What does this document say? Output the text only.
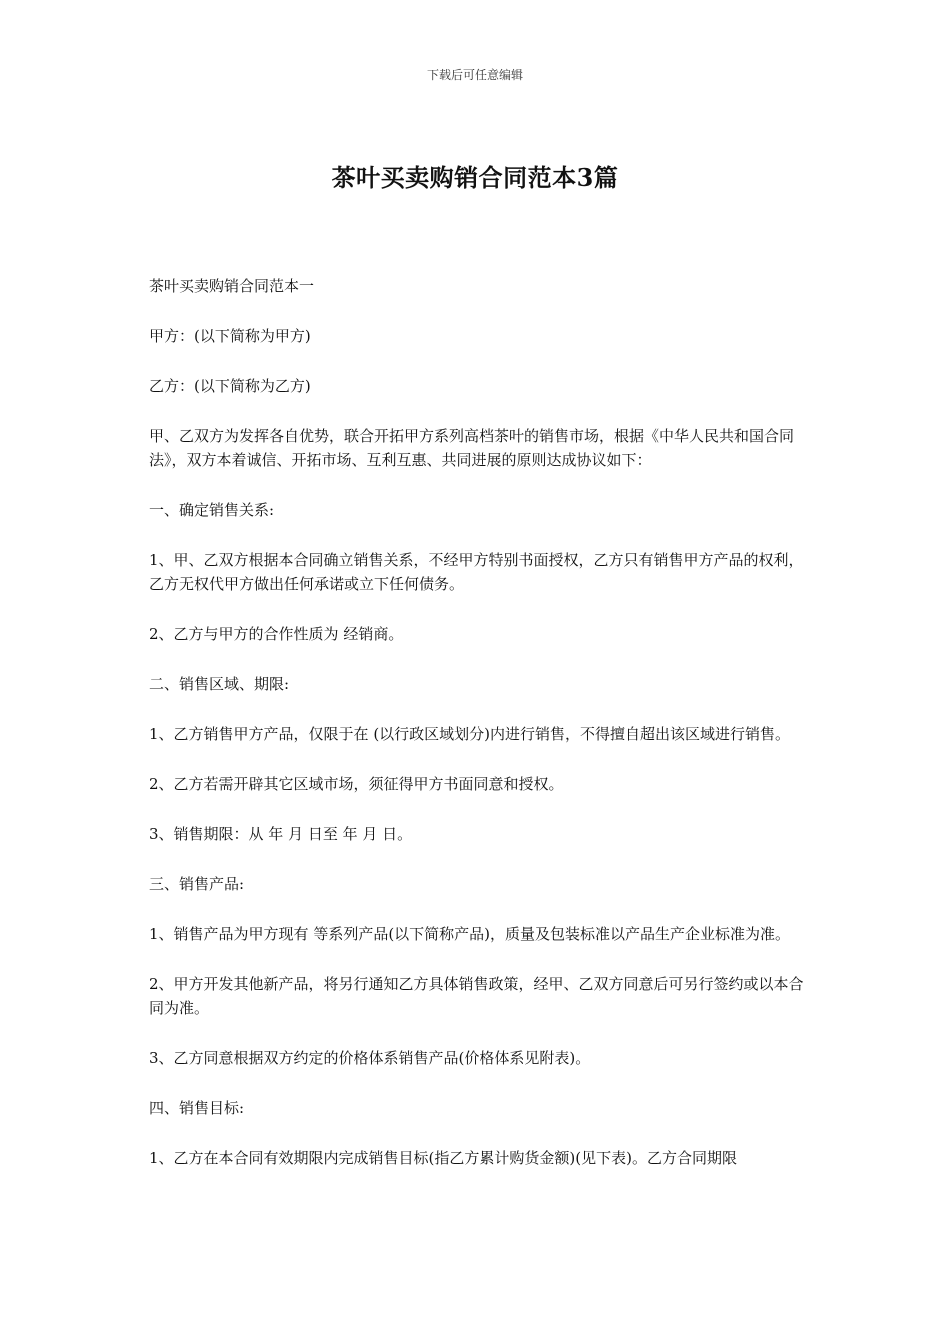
下载后可任意编辑
茶叶买卖购销合同范本3篇

茶叶买卖购销合同范本一

甲方：(以下简称为甲方)

乙方：(以下简称为乙方)

甲、乙双方为发挥各自优势，联合开拓甲方系列高档茶叶的销售市场，根据《中华人民共和国合同法》，双方本着诚信、开拓市场、互利互惠、共同进展的原则达成协议如下：

一、确定销售关系:

1、甲、乙双方根据本合同确立销售关系，不经甲方特别书面授权，乙方只有销售甲方产品的权利，乙方无权代甲方做出任何承诺或立下任何债务。

2、乙方与甲方的合作性质为 经销商。

二、销售区域、期限:

1、乙方销售甲方产品，仅限于在 (以行政区域划分)内进行销售，不得擅自超出该区域进行销售。

2、乙方若需开辟其它区域市场，须征得甲方书面同意和授权。

3、销售期限：从 年 月 日至 年 月 日。

三、销售产品:

1、销售产品为甲方现有 等系列产品(以下简称产品)，质量及包装标准以产品生产企业标准为准。

2、甲方开发其他新产品，将另行通知乙方具体销售政策，经甲、乙双方同意后可另行签约或以本合同为准。

3、乙方同意根据双方约定的价格体系销售产品(价格体系见附表)。

四、销售目标:

1、乙方在本合同有效期限内完成销售目标(指乙方累计购货金额)(见下表)。乙方合同期限
